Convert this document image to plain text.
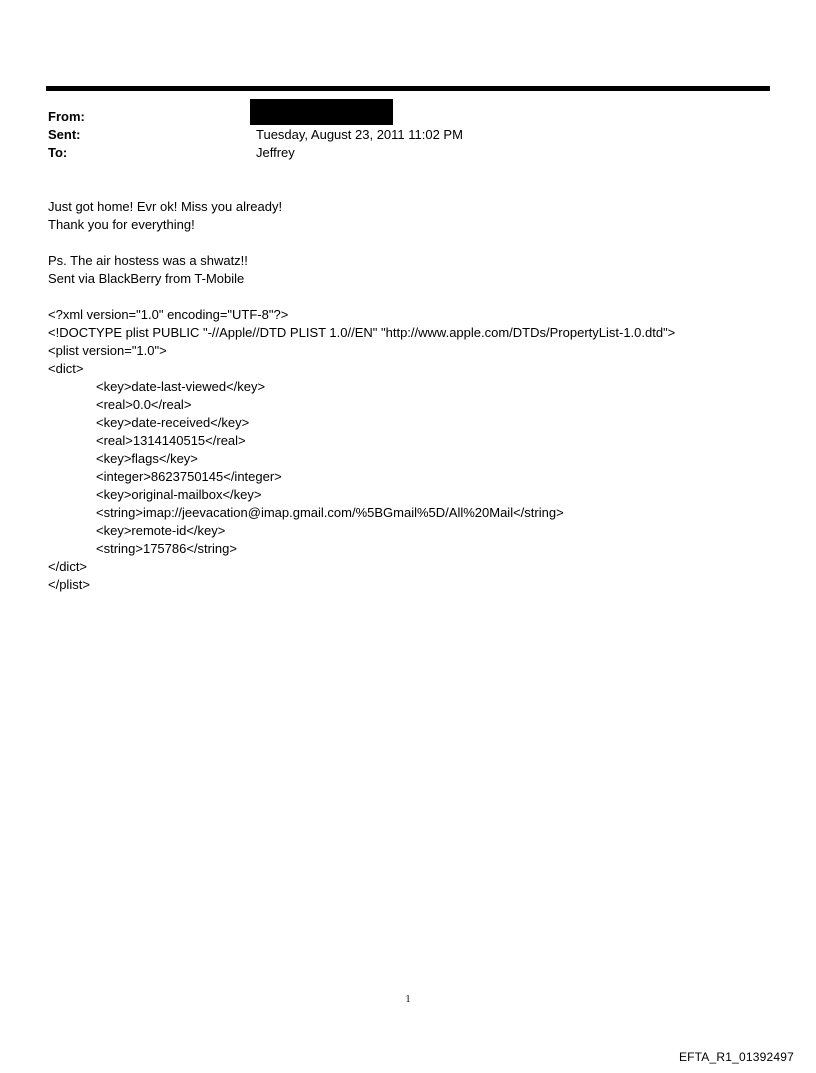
From:
Sent:	Tuesday, August 23, 2011 11:02 PM
To:	Jeffrey
Just got home! Evr ok! Miss you already!
Thank you for everything!
Ps. The air hostess was a shwatz!!
Sent via BlackBerry from T-Mobile
<?xml version="1.0" encoding="UTF-8"?>
<!DOCTYPE plist PUBLIC "-//Apple//DTD PLIST 1.0//EN" "http://www.apple.com/DTDs/PropertyList-1.0.dtd">
<plist version="1.0">
<dict>
<key>date-last-viewed</key>
<real>0.0</real>
<key>date-received</key>
<real>1314140515</real>
<key>flags</key>
<integer>8623750145</integer>
<key>original-mailbox</key>
<string>imap://jeevacation@imap.gmail.com/%5BGmail%5D/All%20Mail</string>
<key>remote-id</key>
<string>175786</string>
</dict>
</plist>
1
EFTA_R1_01392497
